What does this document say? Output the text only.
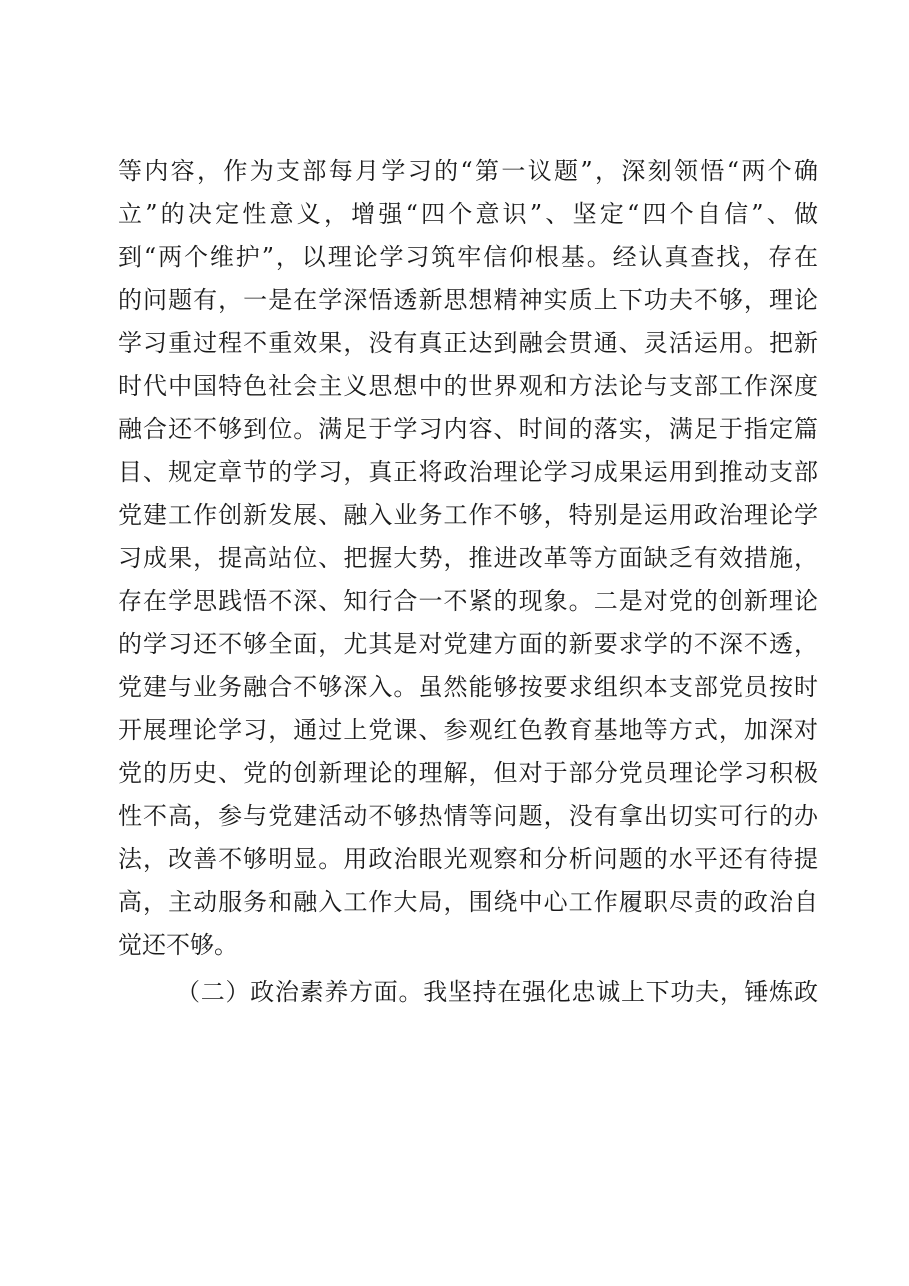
等内容，作为支部每月学习的“第一议题”，深刻领悟“两个确
立”的决定性意义，增强“四个意识”、坚定“四个自信”、做
到“两个维护”，以理论学习筑牢信仰根基。经认真查找，存在
的问题有，一是在学深悟透新思想精神实质上下功夫不够，理论
学习重过程不重效果，没有真正达到融会贯通、灵活运用。把新
时代中国特色社会主义思想中的世界观和方法论与支部工作深度
融合还不够到位。满足于学习内容、时间的落实，满足于指定篇
目、规定章节的学习，真正将政治理论学习成果运用到推动支部
党建工作创新发展、融入业务工作不够，特别是运用政治理论学
习成果，提高站位、把握大势，推进改革等方面缺乏有效措施，
存在学思践悟不深、知行合一不紧的现象。二是对党的创新理论
的学习还不够全面，尤其是对党建方面的新要求学的不深不透，
党建与业务融合不够深入。虽然能够按要求组织本支部党员按时
开展理论学习，通过上党课、参观红色教育基地等方式，加深对
党的历史、党的创新理论的理解，但对于部分党员理论学习积极
性不高，参与党建活动不够热情等问题，没有拿出切实可行的办
法，改善不够明显。用政治眼光观察和分析问题的水平还有待提
高，主动服务和融入工作大局，围绕中心工作履职尽责的政治自
觉还不够。
（二）政治素养方面。我坚持在强化忠诚上下功夫，锤炼政
